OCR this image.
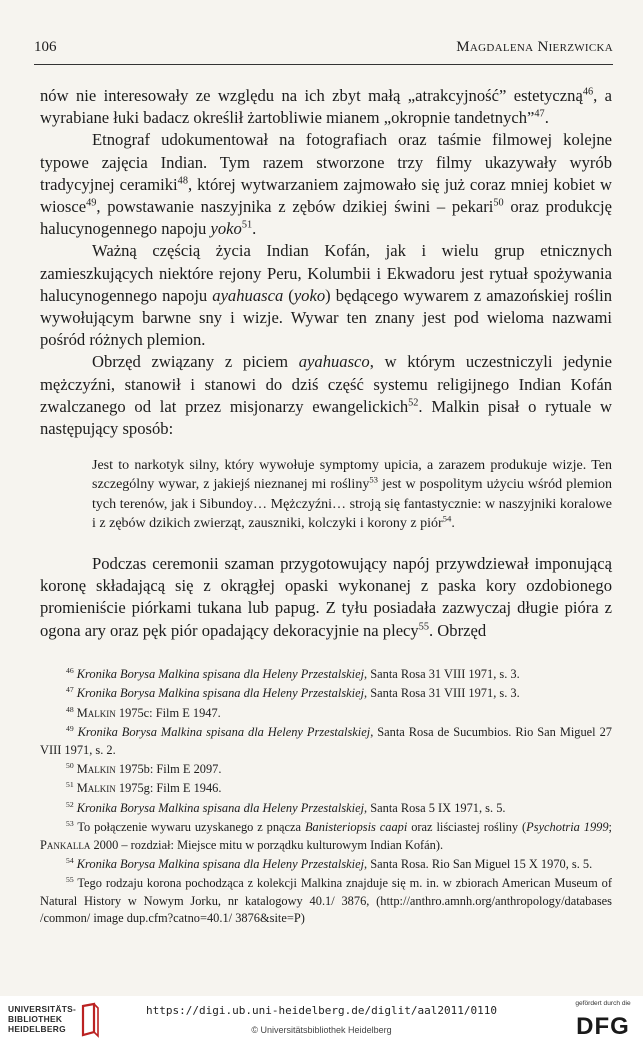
106	Magdalena Nierzwicka

nów nie interesowały ze względu na ich zbyt małą „atrakcyjność” estetyczną$^{46}$, a wyrabiane łuki badacz określił żartobliwie mianem „okropnie tandetnych”$^{47}$.

Etnograf udokumentował na fotografiach oraz taśmie filmowej kolejne typowe zajęcia Indian. Tym razem stworzone trzy filmy ukazywały wyrób tradycyjnej ceramiki$^{48}$, której wytwarzaniem zajmowało się już coraz mniej kobiet w wiosce$^{49}$, powstawanie naszyjnika z zębów dzikiej świni – pekari$^{50}$ oraz produkcję halucynogennego napoju yoko$^{51}$.

Ważną częścią życia Indian Kofán, jak i wielu grup etnicznych zamieszkujących niektóre rejony Peru, Kolumbii i Ekwadoru jest rytuał spożywania halucynogennego napoju ayahuasca (yoko) będącego wywarem z amazońskiej roślin wywołującym barwne sny i wizje. Wywar ten znany jest pod wieloma nazwami pośród różnych plemion.

Obrzęd związany z piciem ayahuasco, w którym uczestniczyli jedynie mężczyźni, stanowił i stanowi do dziś część systemu religijnego Indian Kofán zwalczanego od lat przez misjonarzy ewangelickich$^{52}$. Malkin pisał o rytuale w następujący sposób:

Jest to narkotyk silny, który wywołuje symptomy upicia, a zarazem produkuje wizje. Ten szczególny wywar, z jakiejś nieznanej mi rośliny$^{53}$ jest w pospolitym użyciu wśród plemion tych terenów, jak i Sibundoy… Mężczyźni… stroją się fantastycznie: w naszyjniki koralowe i z zębów dzikich zwierząt, zauszniki, kolczyki i korony z piór$^{54}$.

Podczas ceremonii szaman przygotowujący napój przywdziewał imponującą koronę składającą się z okrągłej opaski wykonanej z paska kory ozdobionego promieniście piórkami tukana lub papug. Z tyłu posiadała zazwyczaj długie pióra z ogona ary oraz pęk piór opadający dekoracyjnie na plecy$^{55}$. Obrzęd

$^{46}$ Kronika Borysa Malkina spisana dla Heleny Przestalskiej, Santa Rosa 31 VIII 1971, s. 3.
$^{47}$ Kronika Borysa Malkina spisana dla Heleny Przestalskiej, Santa Rosa 31 VIII 1971, s. 3.
$^{48}$ Malkin 1975c: Film E 1947.
$^{49}$ Kronika Borysa Malkina spisana dla Heleny Przestalskiej, Santa Rosa de Sucumbios. Rio San Miguel 27 VIII 1971, s. 2.
$^{50}$ Malkin 1975b: Film E 2097.
$^{51}$ Malkin 1975g: Film E 1946.
$^{52}$ Kronika Borysa Malkina spisana dla Heleny Przestalskiej, Santa Rosa 5 IX 1971, s. 5.
$^{53}$ To połączenie wywaru uzyskanego z pnącza Banisteriopsis caapi oraz liściastej rośliny (Psychotria 1999; Pankalla 2000 – rozdział: Miejsce mitu w porządku kulturowym Indian Kofán).
$^{54}$ Kronika Borysa Malkina spisana dla Heleny Przestalskiej, Santa Rosa. Rio San Miguel 15 X 1970, s. 5.
$^{55}$ Tego rodzaju korona pochodząca z kolekcji Malkina znajduje się m. in. w zbiorach American Museum of Natural History w Nowym Jorku, nr katalogowy 40.1/ 3876, (http://anthro.amnh.org/anthropology/databases /common/ image dup.cfm?catno=40.1/ 3876&site=P)
UNIVERSITÄTS-
BIBLIOTHEK
HEIDELBERG
https://digi.ub.uni-heidelberg.de/diglit/aal2011/0110
© Universitätsbibliothek Heidelberg
gefördert durch die
DFG
